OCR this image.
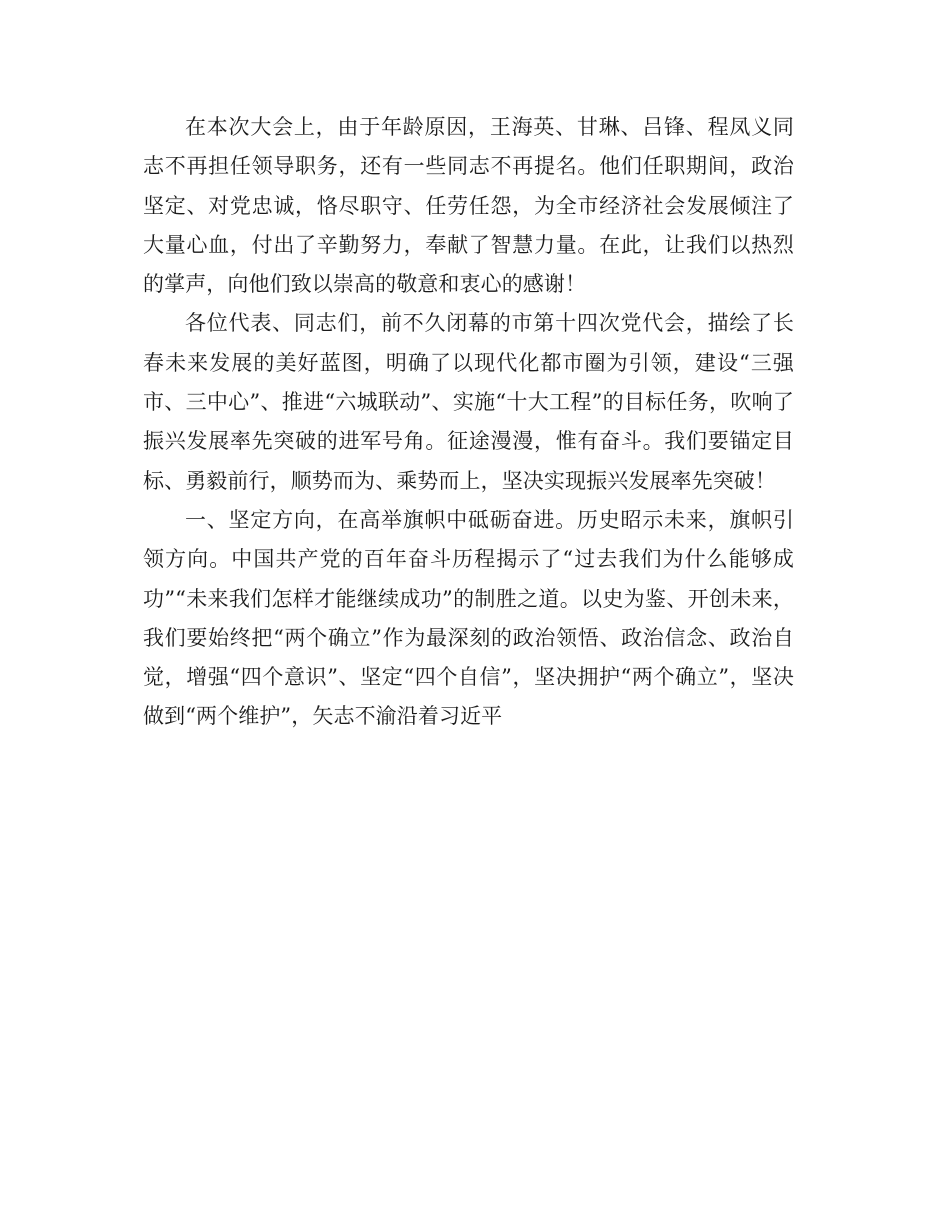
在本次大会上，由于年龄原因，王海英、甘琳、吕锋、程凤义同志不再担任领导职务，还有一些同志不再提名。他们任职期间，政治坚定、对党忠诚，恪尽职守、任劳任怨，为全市经济社会发展倾注了大量心血，付出了辛勤努力，奉献了智慧力量。在此，让我们以热烈的掌声，向他们致以崇高的敬意和衷心的感谢！

各位代表、同志们，前不久闭幕的市第十四次党代会，描绘了长春未来发展的美好蓝图，明确了以现代化都市圈为引领，建设“三强市、三中心”、推进“六城联动”、实施“十大工程”的目标任务，吹响了振兴发展率先突破的进军号角。征途漫漫，惟有奋斗。我们要锚定目标、勇毅前行，顺势而为、乘势而上，坚决实现振兴发展率先突破！

一、坚定方向，在高举旗帜中砥砺奋进。历史昭示未来，旗帜引领方向。中国共产党的百年奋斗历程揭示了“过去我们为什么能够成功”“未来我们怎样才能继续成功”的制胜之道。以史为鉴、开创未来，我们要始终把“两个确立”作为最深刻的政治领悟、政治信念、政治自觉，增强“四个意识”、坚定“四个自信”，坚决拥护“两个确立”，坚决做到“两个维护”，矢志不渝沿着习近平
